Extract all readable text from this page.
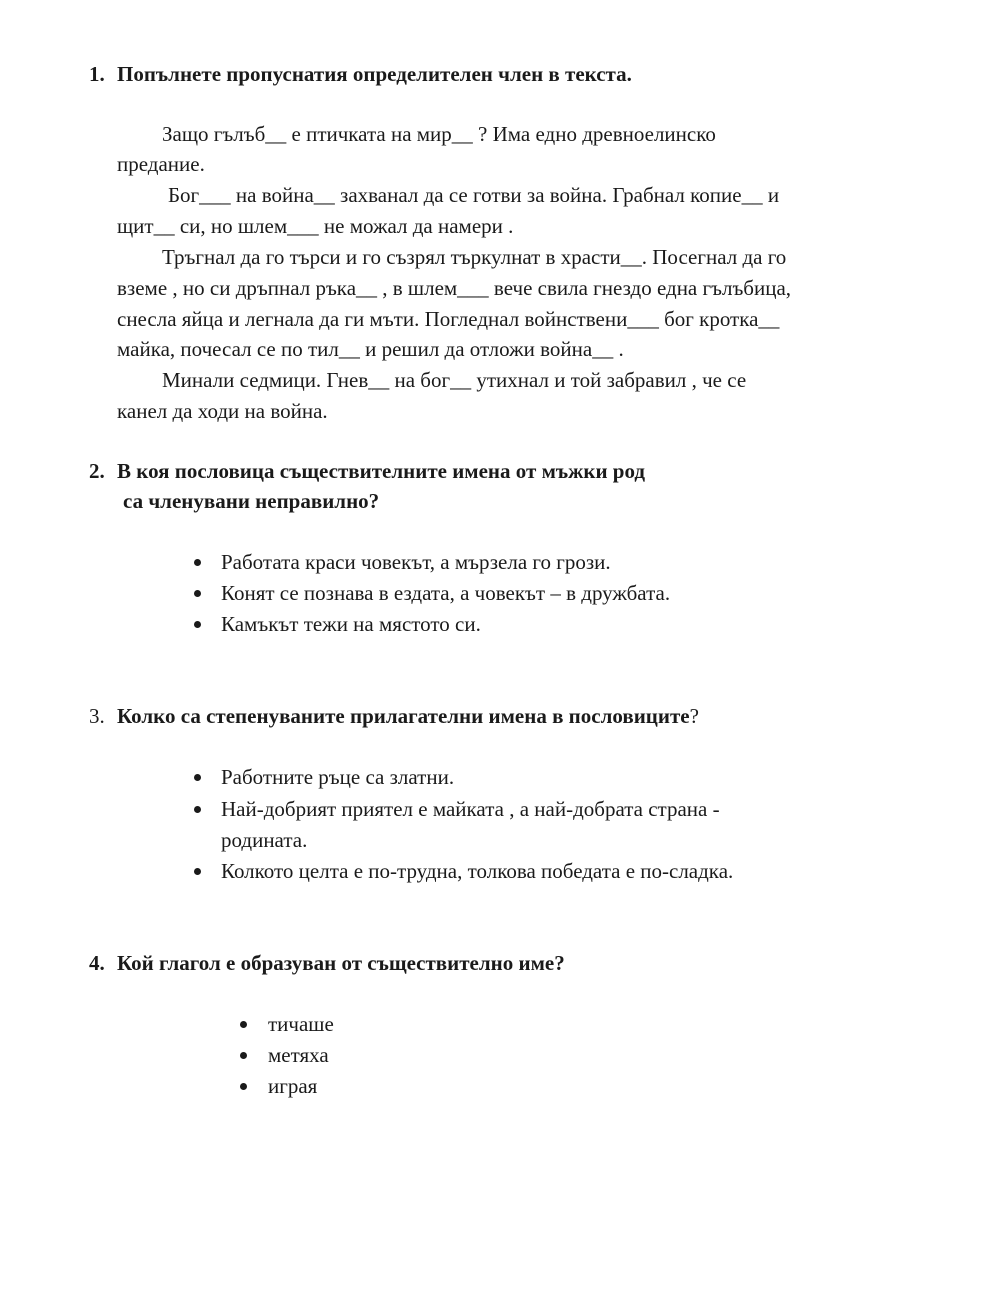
1. Попълнете пропуснатия определителен член в текста.
Защо гълъб__ е птичката на мир__ ? Има едно древноелинско
предание.
Бог___ на война__ захванал да се готви за война. Грабнал копие__ и
щит__ си, но шлем___ не можал да намери .
Тръгнал да го търси и го съзрял търкулнат в храсти__. Посегнал да го
вземе , но си дръпнал ръка__ , в шлем___ вече свила гнездо една гълъбица,
снесла яйца и легнала да ги мъти. Погледнал войнствени___ бог кротка__
майка, почесал се по тил__ и решил да отложи война__ .
Минали седмици. Гнев__ на бог__ утихнал и той забравил , че се
канел да ходи на война.
2. В коя пословица съществителните имена от мъжки род
са членувани неправилно?
Работата краси човекът, а мързела го грози.
Конят се познава в ездата, а човекът – в дружбата.
Камъкът тежи на мястото си.
3. Колко са степенуваните прилагателни имена в пословиците?
Работните ръце са златни.
Най-добрият приятел е майката , а най-добрата страна -
родината.
Колкото целта е по-трудна, толкова победата е по-сладка.
4. Кой глагол е образуван от съществително име?
тичаше
метяха
играя
